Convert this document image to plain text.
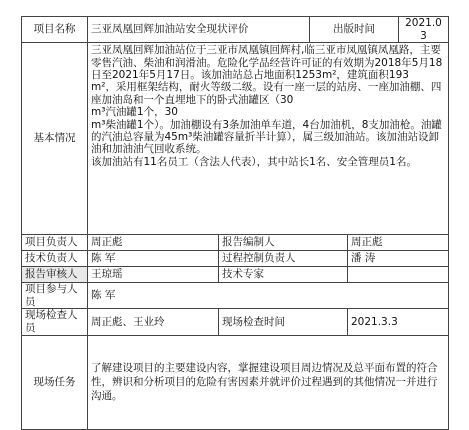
项目名称	三亚凤凰回辉加油站安全现状评价		出版时间		2021.03
基本情况	三亚凤凰回辉加油站位于三亚市凤凰镇回辉村,临三亚市凤凰镇凤凰路，主要零售汽油、柴油和润滑油。危险化学品经营许可证的有效期为2018年5月18日至2021年5月17日。该加油站总占地面积1253m²，建筑面积193
m²，采用框架结构，耐火等级二级。设有一座一层的站房、一座加油棚、四座加油岛和一个直埋地下的卧式油罐区（30
m³汽油罐1个，30
m³柴油罐1个）。加油棚设有3条加油单车道，4台加油机，8支加油枪。油罐的汽油总容量为45m³柴油罐容量折半计算），属三级加油站。该加油站设卸油和加油油气回收系统。
该加油站有11名员工（含法人代表），其中站长1名、安全管理员1名。				

项目负责人	周正彪	报告编制人		周正彪	
技术负责人	陈 军	过程控制负责人		潘 涛	
报告审核人	王琼瑶	技术专家			
项目参与人员	陈 军				
现场检查人员	周正彪、王业玲	现场检查时间		2021.3.3	
现场任务	了解建设项目的主要建设内容，掌握建设项目周边情况及总平面布置的符合性，辨识和分析项目的危险有害因素并就评价过程遇到的其他情况一并进行沟通。				
